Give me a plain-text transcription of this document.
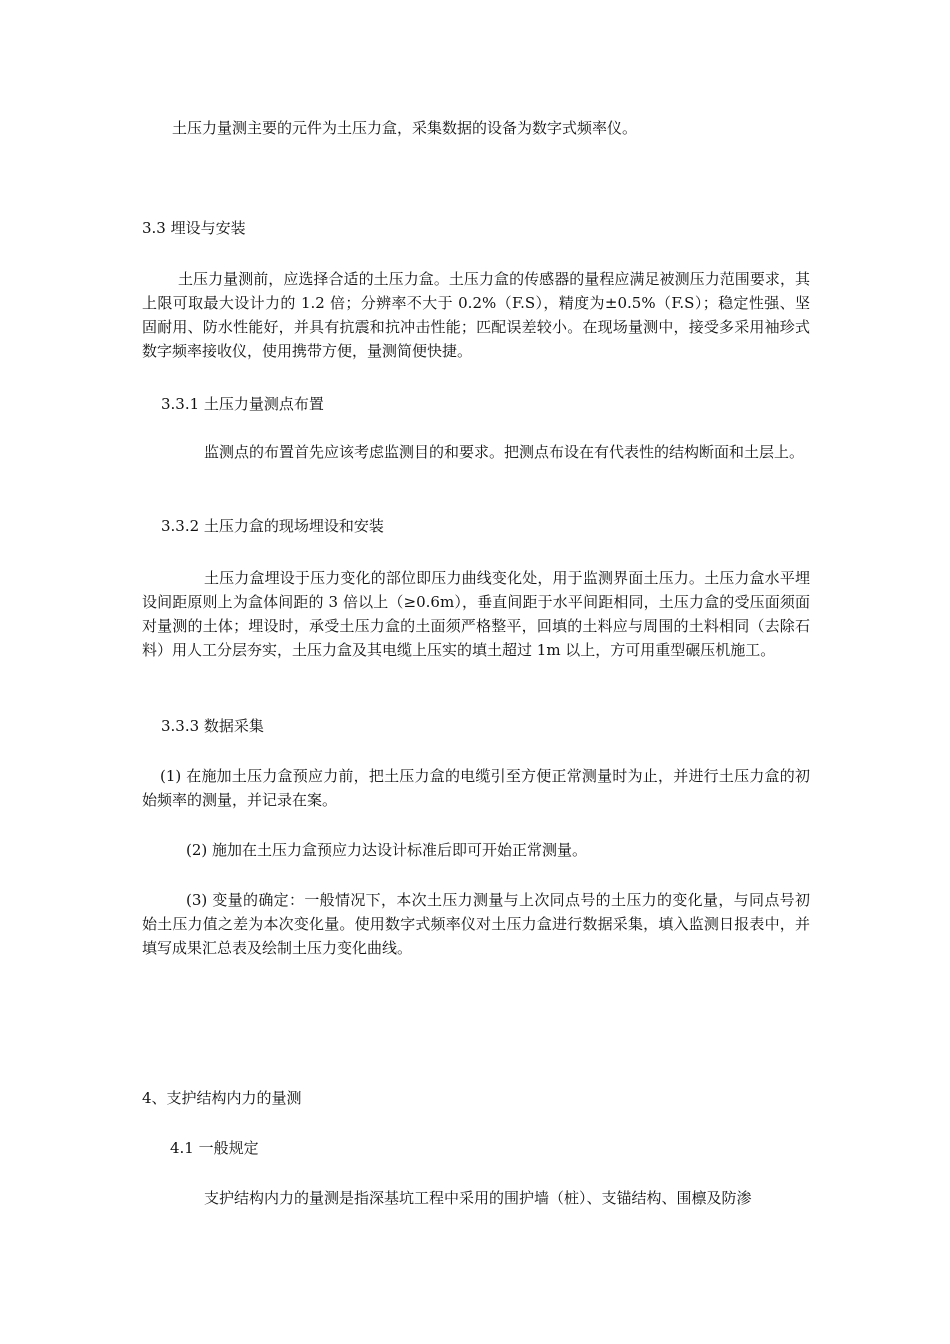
土压力量测主要的元件为土压力盒，采集数据的设备为数字式频率仪。

3.3 埋设与安装

土压力量测前，应选择合适的土压力盒。土压力盒的传感器的量程应满足被测压力范围要求，其上限可取最大设计力的 1.2 倍；分辨率不大于 0.2%（F.S），精度为±0.5%（F.S）；稳定性强、坚固耐用、防水性能好，并具有抗震和抗冲击性能；匹配误差较小。在现场量测中，接受多采用袖珍式数字频率接收仪，使用携带方便，量测简便快捷。

3.3.1 土压力量测点布置

监测点的布置首先应该考虑监测目的和要求。把测点布设在有代表性的结构断面和土层上。

3.3.2 土压力盒的现场埋设和安装

土压力盒埋设于压力变化的部位即压力曲线变化处，用于监测界面土压力。土压力盒水平埋设间距原则上为盒体间距的 3 倍以上（≥0.6m），垂直间距于水平间距相同，土压力盒的受压面须面对量测的土体；埋设时，承受土压力盒的土面须严格整平，回填的土料应与周围的土料相同（去除石料）用人工分层夯实，土压力盒及其电缆上压实的填土超过 1m 以上，方可用重型碾压机施工。

3.3.3 数据采集

(1) 在施加土压力盒预应力前，把土压力盒的电缆引至方便正常测量时为止，并进行土压力盒的初始频率的测量，并记录在案。

(2) 施加在土压力盒预应力达设计标准后即可开始正常测量。

(3) 变量的确定：一般情况下，本次土压力测量与上次同点号的土压力的变化量，与同点号初始土压力值之差为本次变化量。使用数字式频率仪对土压力盒进行数据采集，填入监测日报表中，并填写成果汇总表及绘制土压力变化曲线。

4、支护结构内力的量测

4.1 一般规定

支护结构内力的量测是指深基坑工程中采用的围护墙（桩）、支锚结构、围檩及防渗
